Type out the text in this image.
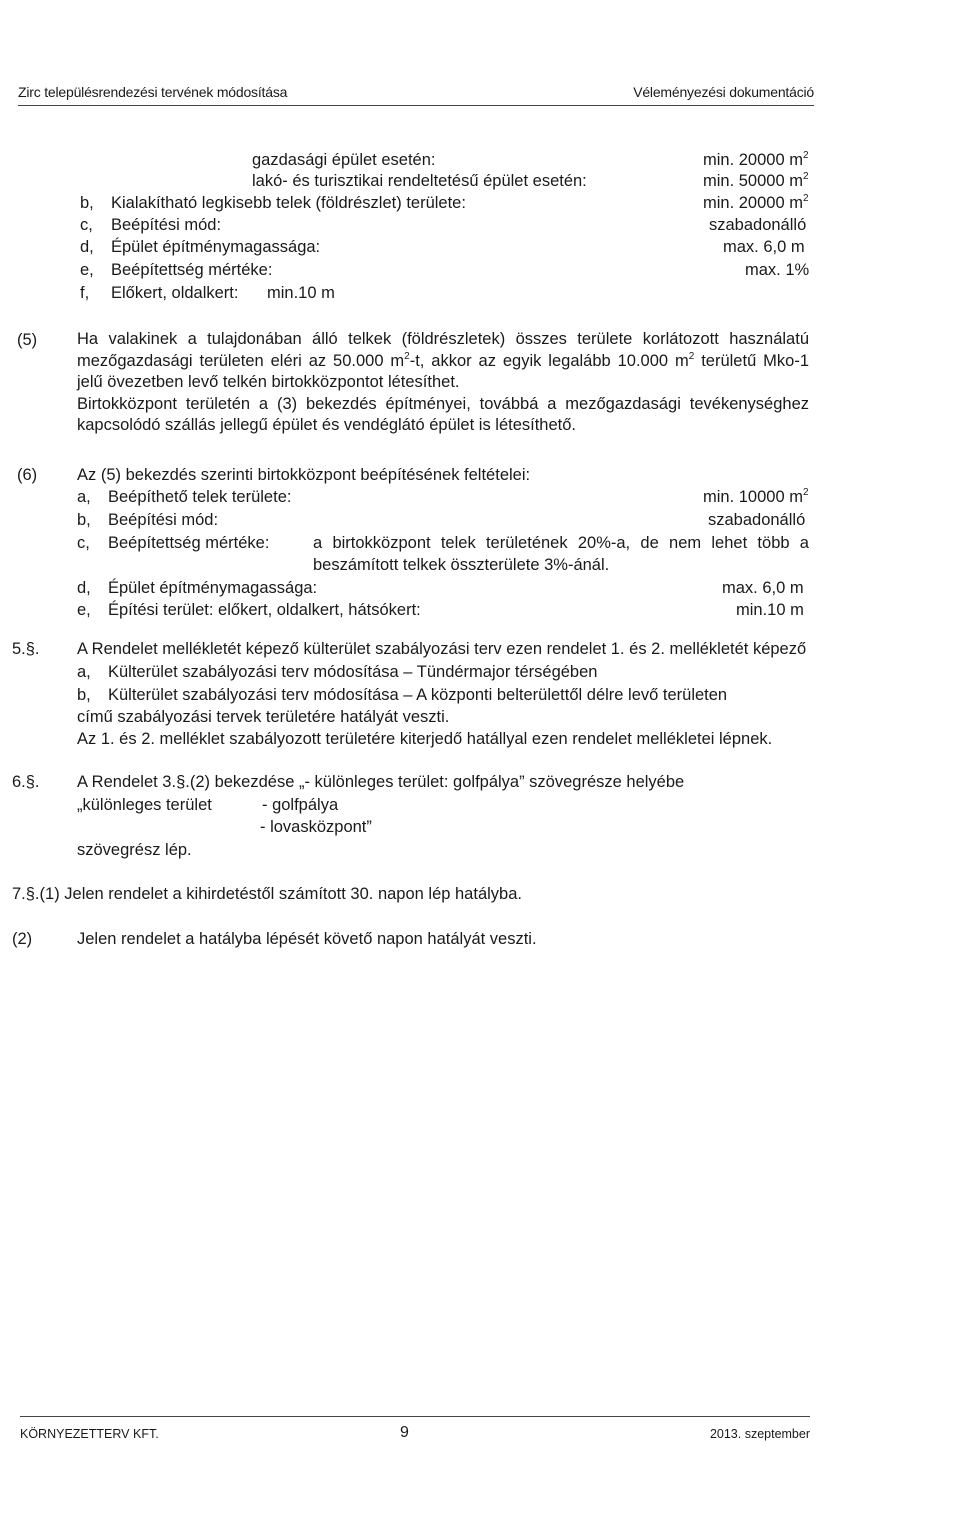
Zirc településrendezési tervének módosítása	Véleményezési dokumentáció
gazdasági épület esetén:	min. 20000 $m^2$
lakó- és turisztikai rendeltetésű épület esetén:	min. 50000 $m^2$
b, Kialakítható legkisebb telek (földrészlet) területe:	min. 20000 $m^2$
c, Beépítési mód:	szabadonálló
d, Épület építménymagassága:	max. 6,0 m
e, Beépítettség mértéke:	max. 1%
f, Előkert, oldalkert: min.10 m
(5) Ha valakinek a tulajdonában álló telkek (földrészletek) összes területe korlátozott használatú mezőgazdasági területen eléri az 50.000 $m^2-t$, akkor az egyik legalább 10.000 $m^2$ területű Mko-1 jelű övezetben levő telkén birtokközpontot létesíthet.

Birtokközpont területén a (3) bekezdés építményei, továbbá a mezőgazdasági tevékenységhez kapcsolódó szállás jellegű épület és vendéglátó épület is létesíthető.

(6) Az (5) bekezdés szerinti birtokközpont beépítésének feltételei:
a, Beépíthető telek területe:	min. 10000 $m^2$
b, Beépítési mód:	szabadonálló
c, Beépítettség mértéke:	a birtokközpont telek területének 20%-a, de nem lehet több a
beszámított telkek összterülete 3%-ánál.
d, Épület építménymagassága:	max. 6,0 m
e, Építési terület: előkert, oldalkert, hátsókert:	min.10 m
5.§. A Rendelet mellékletét képező külterület szabályozási terv ezen rendelet 1. és 2. mellékletét képező
a, Külterület szabályozási terv módosítása – Tündérmajor térségében
b, Külterület szabályozási terv módosítása – A központi belterülettől délre levő területen
című szabályozási tervek területére hatályát veszti.
Az 1. és 2. melléklet szabályozott területére kiterjedő hatállyal ezen rendelet mellékletei lépnek.
6.§. A Rendelet 3.§.(2) bekezdése „- különleges terület: golfpálya” szövegrésze helyébe
„különleges terület	- golfpálya
- lovasközpont”
szövegrész lép.
7.§.(1) Jelen rendelet a kihirdetéstől számított 30. napon lép hatályba.
(2)	Jelen rendelet a hatályba lépését követő napon hatályát veszti.
KÖRNYEZETTERV KFT.	9	2013. szeptember
